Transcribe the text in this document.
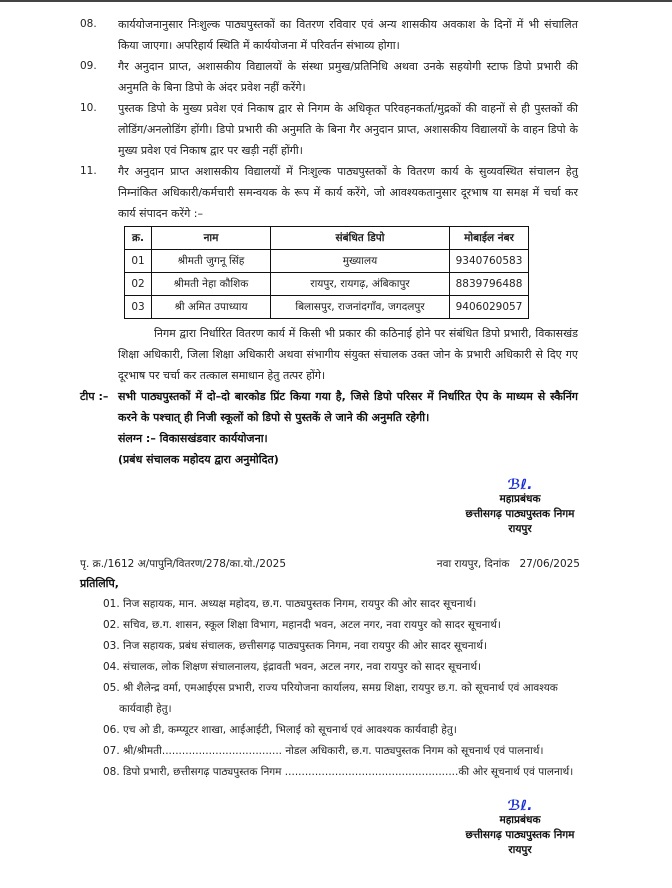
08.	कार्ययोजनानुसार निःशुल्क पाठ्यपुस्तकों का वितरण रविवार एवं अन्य शासकीय अवकाश के दिनों में भी संचालित किया जाएगा। अपरिहार्य स्थिति में कार्ययोजना में परिवर्तन संभाव्य होगा।
09.	गैर अनुदान प्राप्त, अशासकीय विद्यालयों के संस्था प्रमुख/प्रतिनिधि अथवा उनके सहयोगी स्टाफ डिपो प्रभारी की अनुमति के बिना डिपो के अंदर प्रवेश नहीं करेंगे।
10.	पुस्तक डिपो के मुख्य प्रवेश एवं निकाष द्वार से निगम के अधिकृत परिवहनकर्ता/मुद्रकों की वाहनों से ही पुस्तकों की लोडिंग/अनलोडिंग होंगी। डिपो प्रभारी की अनुमति के बिना गैर अनुदान प्राप्त, अशासकीय विद्यालयों के वाहन डिपो के मुख्य प्रवेश एवं निकाष द्वार पर खड़ी नहीं होंगी।
11.	गैर अनुदान प्राप्त अशासकीय विद्यालयों में निःशुल्क पाठ्यपुस्तकों के वितरण कार्य के सुव्यवस्थित संचालन हेतु निम्नांकित अधिकारी/कर्मचारी समन्वयक के रूप में कार्य करेंगे, जो आवश्यकतानुसार दूरभाष या समक्ष में चर्चा कर कार्य संपादन करेंगे :–
क्र.	नाम	संबंधित डिपो	मोबाईल नंबर
01	श्रीमती जुगनू सिंह	मुख्यालय	9340760583
02	श्रीमती नेहा कौशिक	रायपुर, रायगढ़, अंबिकापुर	8839796488
03	श्री अमित उपाध्याय	बिलासपुर, राजनांदगाँव, जगदलपुर	9406029057
निगम द्वारा निर्धारित वितरण कार्य में किसी भी प्रकार की कठिनाई होने पर संबंधित डिपो प्रभारी, विकासखंड शिक्षा अधिकारी, जिला शिक्षा अधिकारी अथवा संभागीय संयुक्त संचालक उक्त जोन के प्रभारी अधिकारी से दिए गए दूरभाष पर चर्चा कर तत्काल समाधान हेतु तत्पर होंगे।
टीप :– सभी पाठ्यपुस्तकों में दो–दो बारकोड प्रिंट किया गया है, जिसे डिपो परिसर में निर्धारित ऐप के माध्यम से स्कैनिंग करने के पश्चात् ही निजी स्कूलों को डिपो से पुस्तकें ले जाने की अनुमति रहेगी।
संलग्न :– विकासखंडवार कार्ययोजना।
(प्रबंध संचालक महोदय द्वारा अनुमोदित)
ℬℓ.
महाप्रबंधक
छत्तीसगढ़ पाठ्यपुस्तक निगम
रायपुर
पृ. क्र./1612 अ/पापुनि/वितरण/278/का.यो./2025	नवा रायपुर, दिनांक 27/06/2025
प्रतिलिपि,
01. निज सहायक, मान. अध्यक्ष महोदय, छ.ग. पाठ्यपुस्तक निगम, रायपुर की ओर सादर सूचनार्थ।
02. सचिव, छ.ग. शासन, स्कूल शिक्षा विभाग, महानदी भवन, अटल नगर, नवा रायपुर को सादर सूचनार्थ।
03. निज सहायक, प्रबंध संचालक, छत्तीसगढ़ पाठ्यपुस्तक निगम, नवा रायपुर की ओर सादर सूचनार्थ।
04. संचालक, लोक शिक्षण संचालनालय, इंद्रावती भवन, अटल नगर, नवा रायपुर को सादर सूचनार्थ।
05. श्री शैलेन्द्र वर्मा, एमआईएस प्रभारी, राज्य परियोजना कार्यालय, समग्र शिक्षा, रायपुर छ.ग. को सूचनार्थ एवं आवश्यक कार्यवाही हेतु।
06. एच ओ डी, कम्प्यूटर शाखा, आईआईटी, भिलाई को सूचनार्थ एवं आवश्यक कार्यवाही हेतु।
07. श्री/श्रीमती.................................... नोडल अधिकारी, छ.ग. पाठ्यपुस्तक निगम को सूचनार्थ एवं पालनार्थ।
08. डिपो प्रभारी, छत्तीसगढ़ पाठ्यपुस्तक निगम ....................................................की ओर सूचनार्थ एवं पालनार्थ।
ℬℓ.
महाप्रबंधक
छत्तीसगढ़ पाठ्यपुस्तक निगम
रायपुर
